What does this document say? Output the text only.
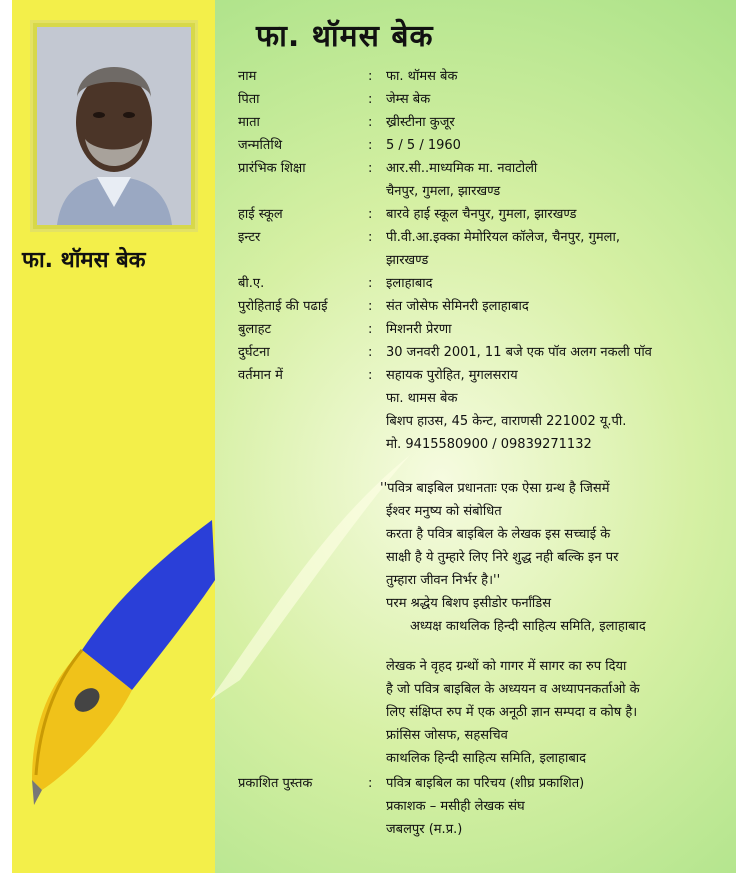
फा. थॉमस बेक
फा. थॉमस बेक
नाम	: फा. थॉमस बेक
पिता	: जेम्स बेक
माता	: ख्रीस्टीना कुजूर
जन्मतिथि	: 5 / 5 / 1960
प्रारंभिक शिक्षा	: आर.सी..माध्यमिक मा. नवाटोली
चैनपुर, गुमला, झारखण्ड
हाई स्कूल	: बारवे हाई स्कूल चैनपुर, गुमला, झारखण्ड
इन्टर	: पी.वी.आ.इक्का मेमोरियल कॉलेज, चैनपुर, गुमला,
झारखण्ड
बी.ए.	: इलाहाबाद
पुरोहिताई की पढाई	: संत जोसेफ सेमिनरी इलाहाबाद
बुलाहट	: मिशनरी प्रेरणा
दुर्घटना	: 30 जनवरी 2001, 11 बजे एक पॉव अलग नकली पॉव
वर्तमान में	: सहायक पुरोहित, मुगलसराय
फा. थामस बेक
बिशप हाउस, 45 केन्ट, वाराणसी 221002 यू.पी.
मो. 9415580900 / 09839271132
''पवित्र बाइबिल प्रधानताः एक ऐसा ग्रन्थ है जिसमें
ईश्वर मनुष्य को संबोधित
करता है पवित्र बाइबिल के लेखक इस सच्चाई के
साक्षी है ये तुम्हारे लिए निरे शुद्ध नही बल्कि इन पर
तुम्हारा जीवन निर्भर है।''
परम श्रद्धेय बिशप इसीडोर फर्नांडिस
अध्यक्ष काथलिक हिन्दी साहित्य समिति, इलाहाबाद
लेखक ने वृहद ग्रन्थों को गागर में सागर का रुप दिया
है जो पवित्र बाइबिल के अध्ययन व अध्यापनकर्ताओ के
लिए संक्षिप्त रुप में एक अनूठी ज्ञान सम्पदा व कोष है।
फ्रांसिस जोसफ, सहसचिव
काथलिक हिन्दी साहित्य समिति, इलाहाबाद
प्रकाशित पुस्तक	: पवित्र बाइबिल का परिचय (शीघ्र प्रकाशित)
प्रकाशक – मसीही लेखक संघ
जबलपुर (म.प्र.)
